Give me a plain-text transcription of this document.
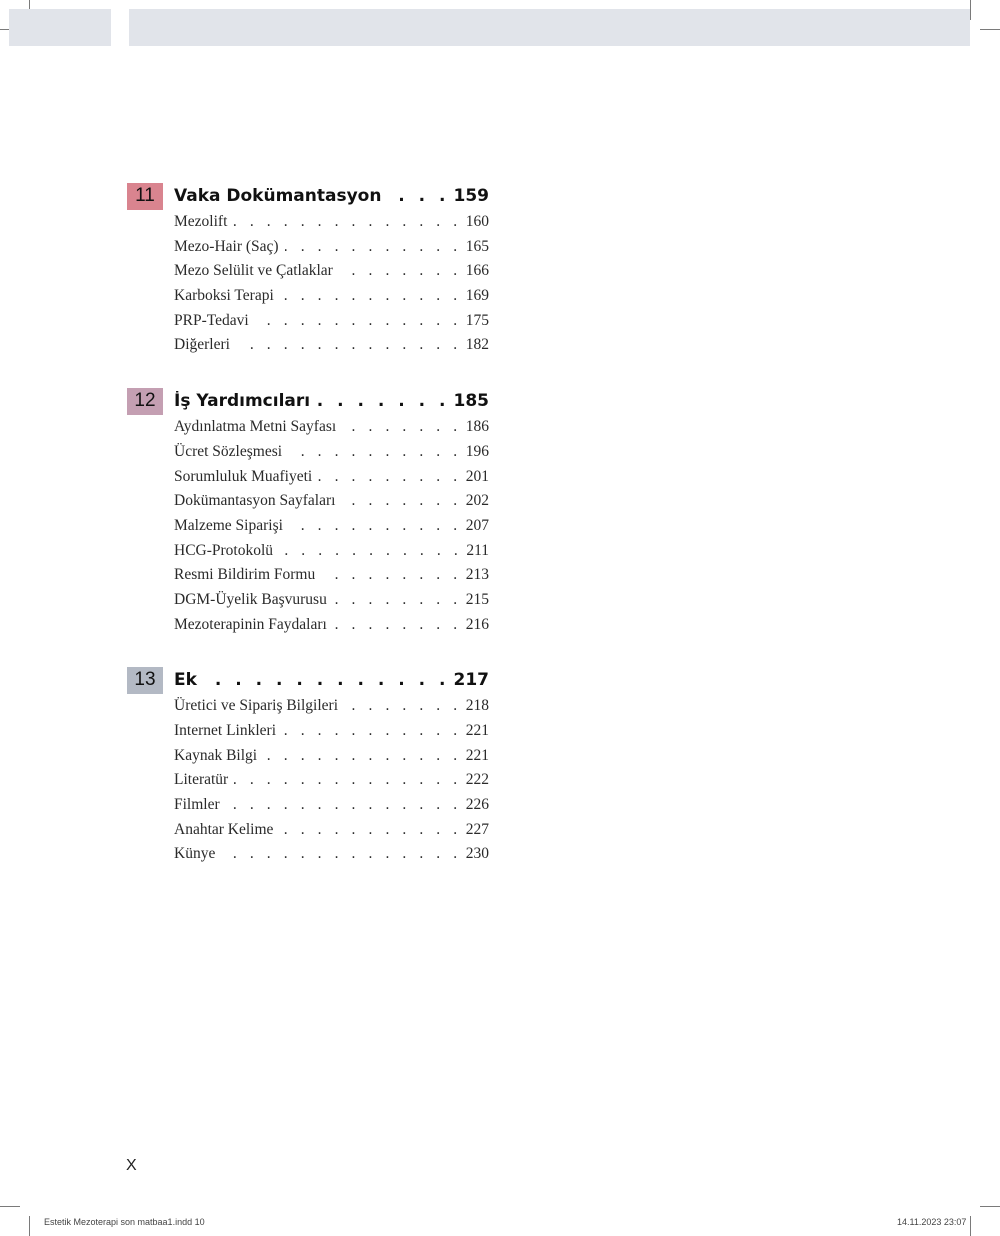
11	Vaka Dokümantasyon . . .	159
Mezolift . . .	160
Mezo-Hair (Saç) . . .	165
Mezo Selülit ve Çatlaklar . . .	166
Karboksi Terapi . . .	169
PRP-Tedavi . . .	175
Diğerleri . . .	182
12	İş Yardımcıları . . .	185
Aydınlatma Metni Sayfası . . .	186
Ücret Sözleşmesi . . .	196
Sorumluluk Muafiyeti . . .	201
Dokümantasyon Sayfaları . . .	202
Malzeme Siparişi . . .	207
HCG-Protokolü . . .	211
Resmi Bildirim Formu . . .	213
DGM-Üyelik Başvurusu . . .	215
Mezoterapinin Faydaları . . .	216
13	Ek . . .	217
Üretici ve Sipariş Bilgileri . . .	218
Internet Linkleri . . .	221
Kaynak Bilgi . . .	221
Literatür . . .	222
Filmler . . .	226
Anahtar Kelime . . .	227
Künye . . .	230
X
Estetik Mezoterapi son matbaa1.indd 10	14.11.2023 23:07
